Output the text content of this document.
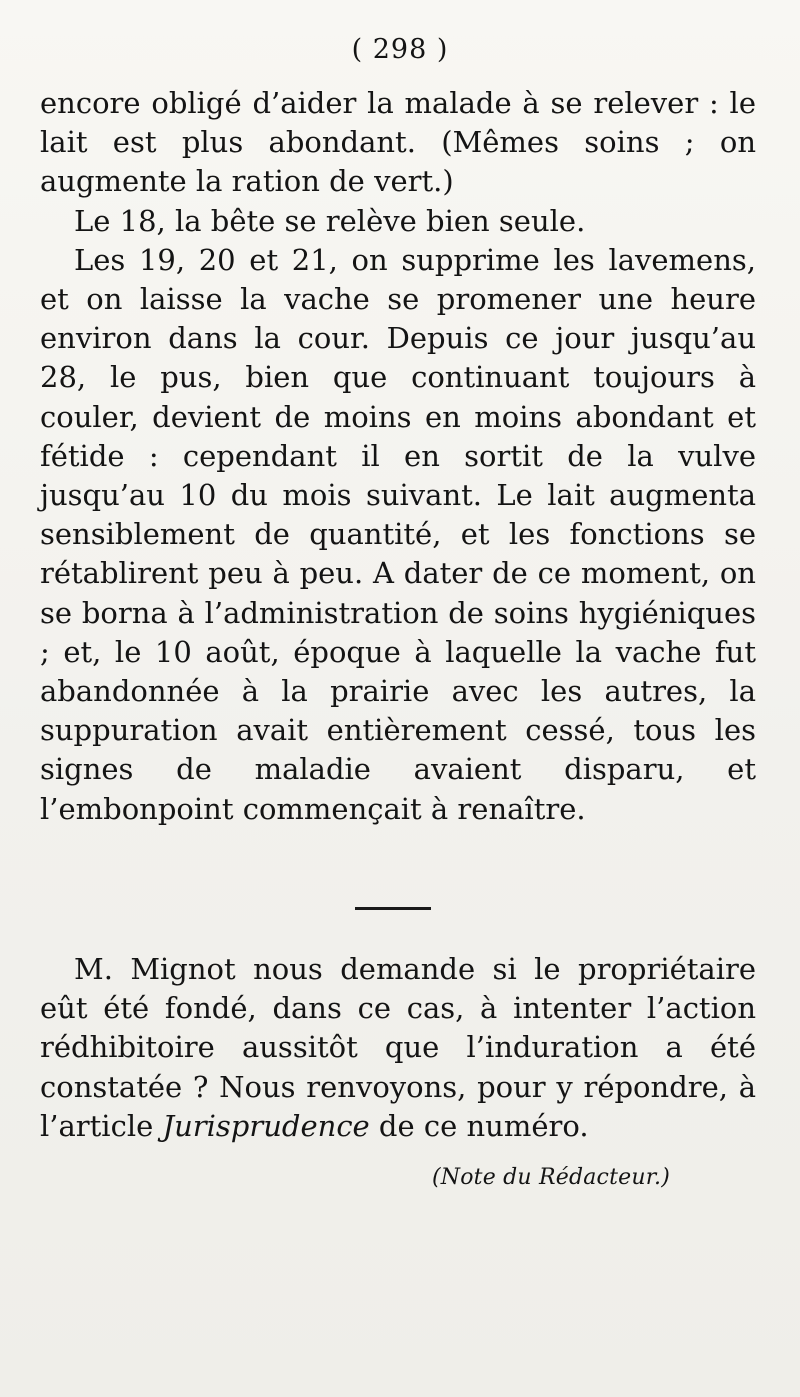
( 298 )

encore obligé d’aider la malade à se relever : le lait est plus abondant. (Mêmes soins ; on augmente la ration de vert.)

Le 18, la bête se relève bien seule.

Les 19, 20 et 21, on supprime les lavemens, et on laisse la vache se promener une heure environ dans la cour. Depuis ce jour jusqu’au 28, le pus, bien que continuant toujours à couler, devient de moins en moins abondant et fétide : cependant il en sortit de la vulve jusqu’au 10 du mois suivant. Le lait augmenta sensiblement de quantité, et les fonctions se rétablirent peu à peu. A dater de ce moment, on se borna à l’administration de soins hygiéniques ; et, le 10 août, époque à laquelle la vache fut abandonnée à la prairie avec les autres, la suppuration avait entièrement cessé, tous les signes de maladie avaient disparu, et l’embonpoint commençait à renaître.

M. Mignot nous demande si le propriétaire eût été fondé, dans ce cas, à intenter l’action rédhibitoire aussitôt que l’induration a été constatée ? Nous renvoyons, pour y répondre, à l’article Jurisprudence de ce numéro.

(Note du Rédacteur.)
